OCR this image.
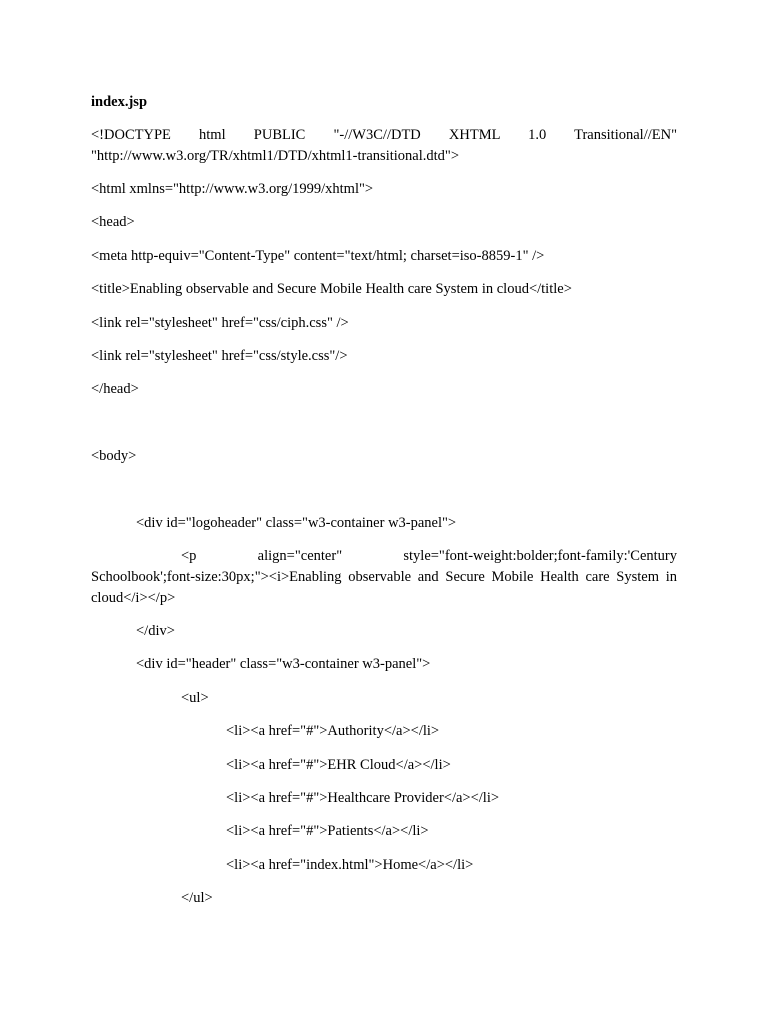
index.jsp

<!DOCTYPE html PUBLIC "-//W3C//DTD XHTML 1.0 Transitional//EN"

"http://www.w3.org/TR/xhtml1/DTD/xhtml1-transitional.dtd">

<html xmlns="http://www.w3.org/1999/xhtml">

<head>

<meta http-equiv="Content-Type" content="text/html; charset=iso-8859-1" />

<title>Enabling observable and Secure Mobile Health care System in cloud</title>

<link rel="stylesheet" href="css/ciph.css" />

<link rel="stylesheet" href="css/style.css"/>

</head>

<body>

<div id="logoheader" class="w3-container w3-panel">

<p align="center" style="font-weight:bolder;font-family:'Century

Schoolbook';font-size:30px;"><i>Enabling observable and Secure Mobile Health care System in

cloud</i></p>

</div>

<div id="header" class="w3-container w3-panel">

<ul>

<li><a href="#">Authority</a></li>

<li><a href="#">EHR Cloud</a></li>

<li><a href="#">Healthcare Provider</a></li>

<li><a href="#">Patients</a></li>

<li><a href="index.html">Home</a></li>

</ul>
